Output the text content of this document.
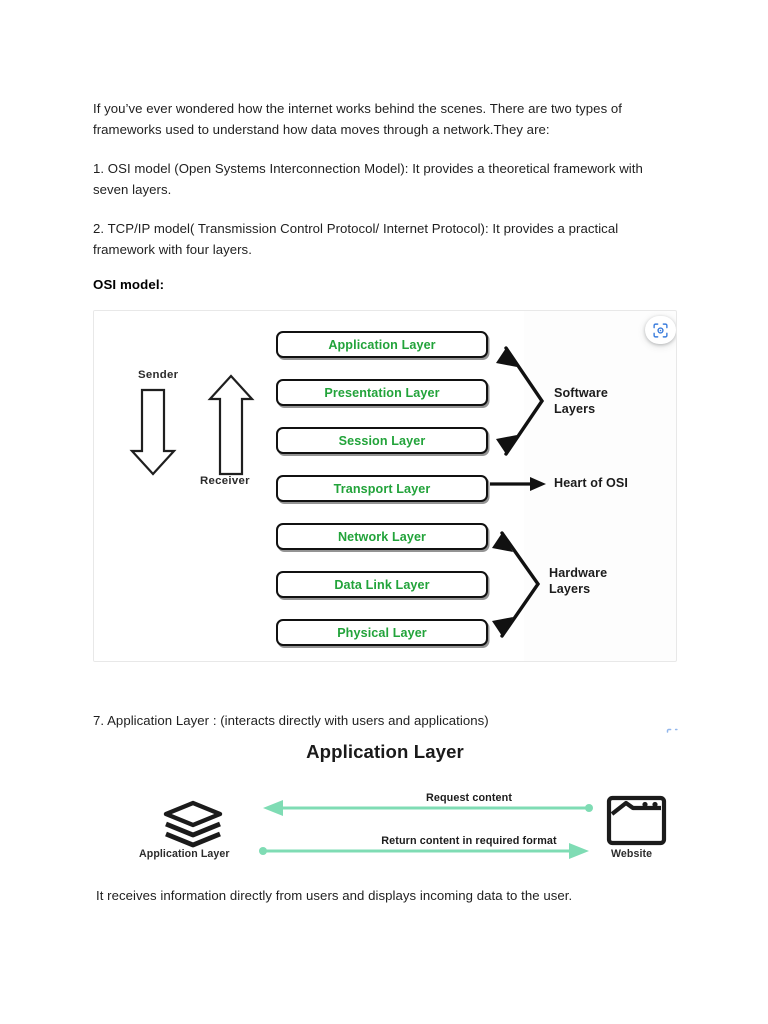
If you’ve ever wondered how the internet works behind the scenes. There are two types of frameworks used to understand how data moves through a network.They are:

1. OSI model (Open Systems Interconnection Model): It provides a theoretical framework with seven layers.

2. TCP/IP model( Transmission Control Protocol/ Internet Protocol): It provides a practical framework with four layers.

OSI model:
Sender
Receiver
Application Layer
Presentation Layer
Session Layer
Transport Layer
Network Layer
Data Link Layer
Physical Layer
Software
Layers
Heart of OSI
Hardware
Layers

7. Application Layer : (interacts directly with users and applications)

Application Layer
Request content
Return content in required format
Application Layer	Website

It receives information directly from users and displays incoming data to the user.
